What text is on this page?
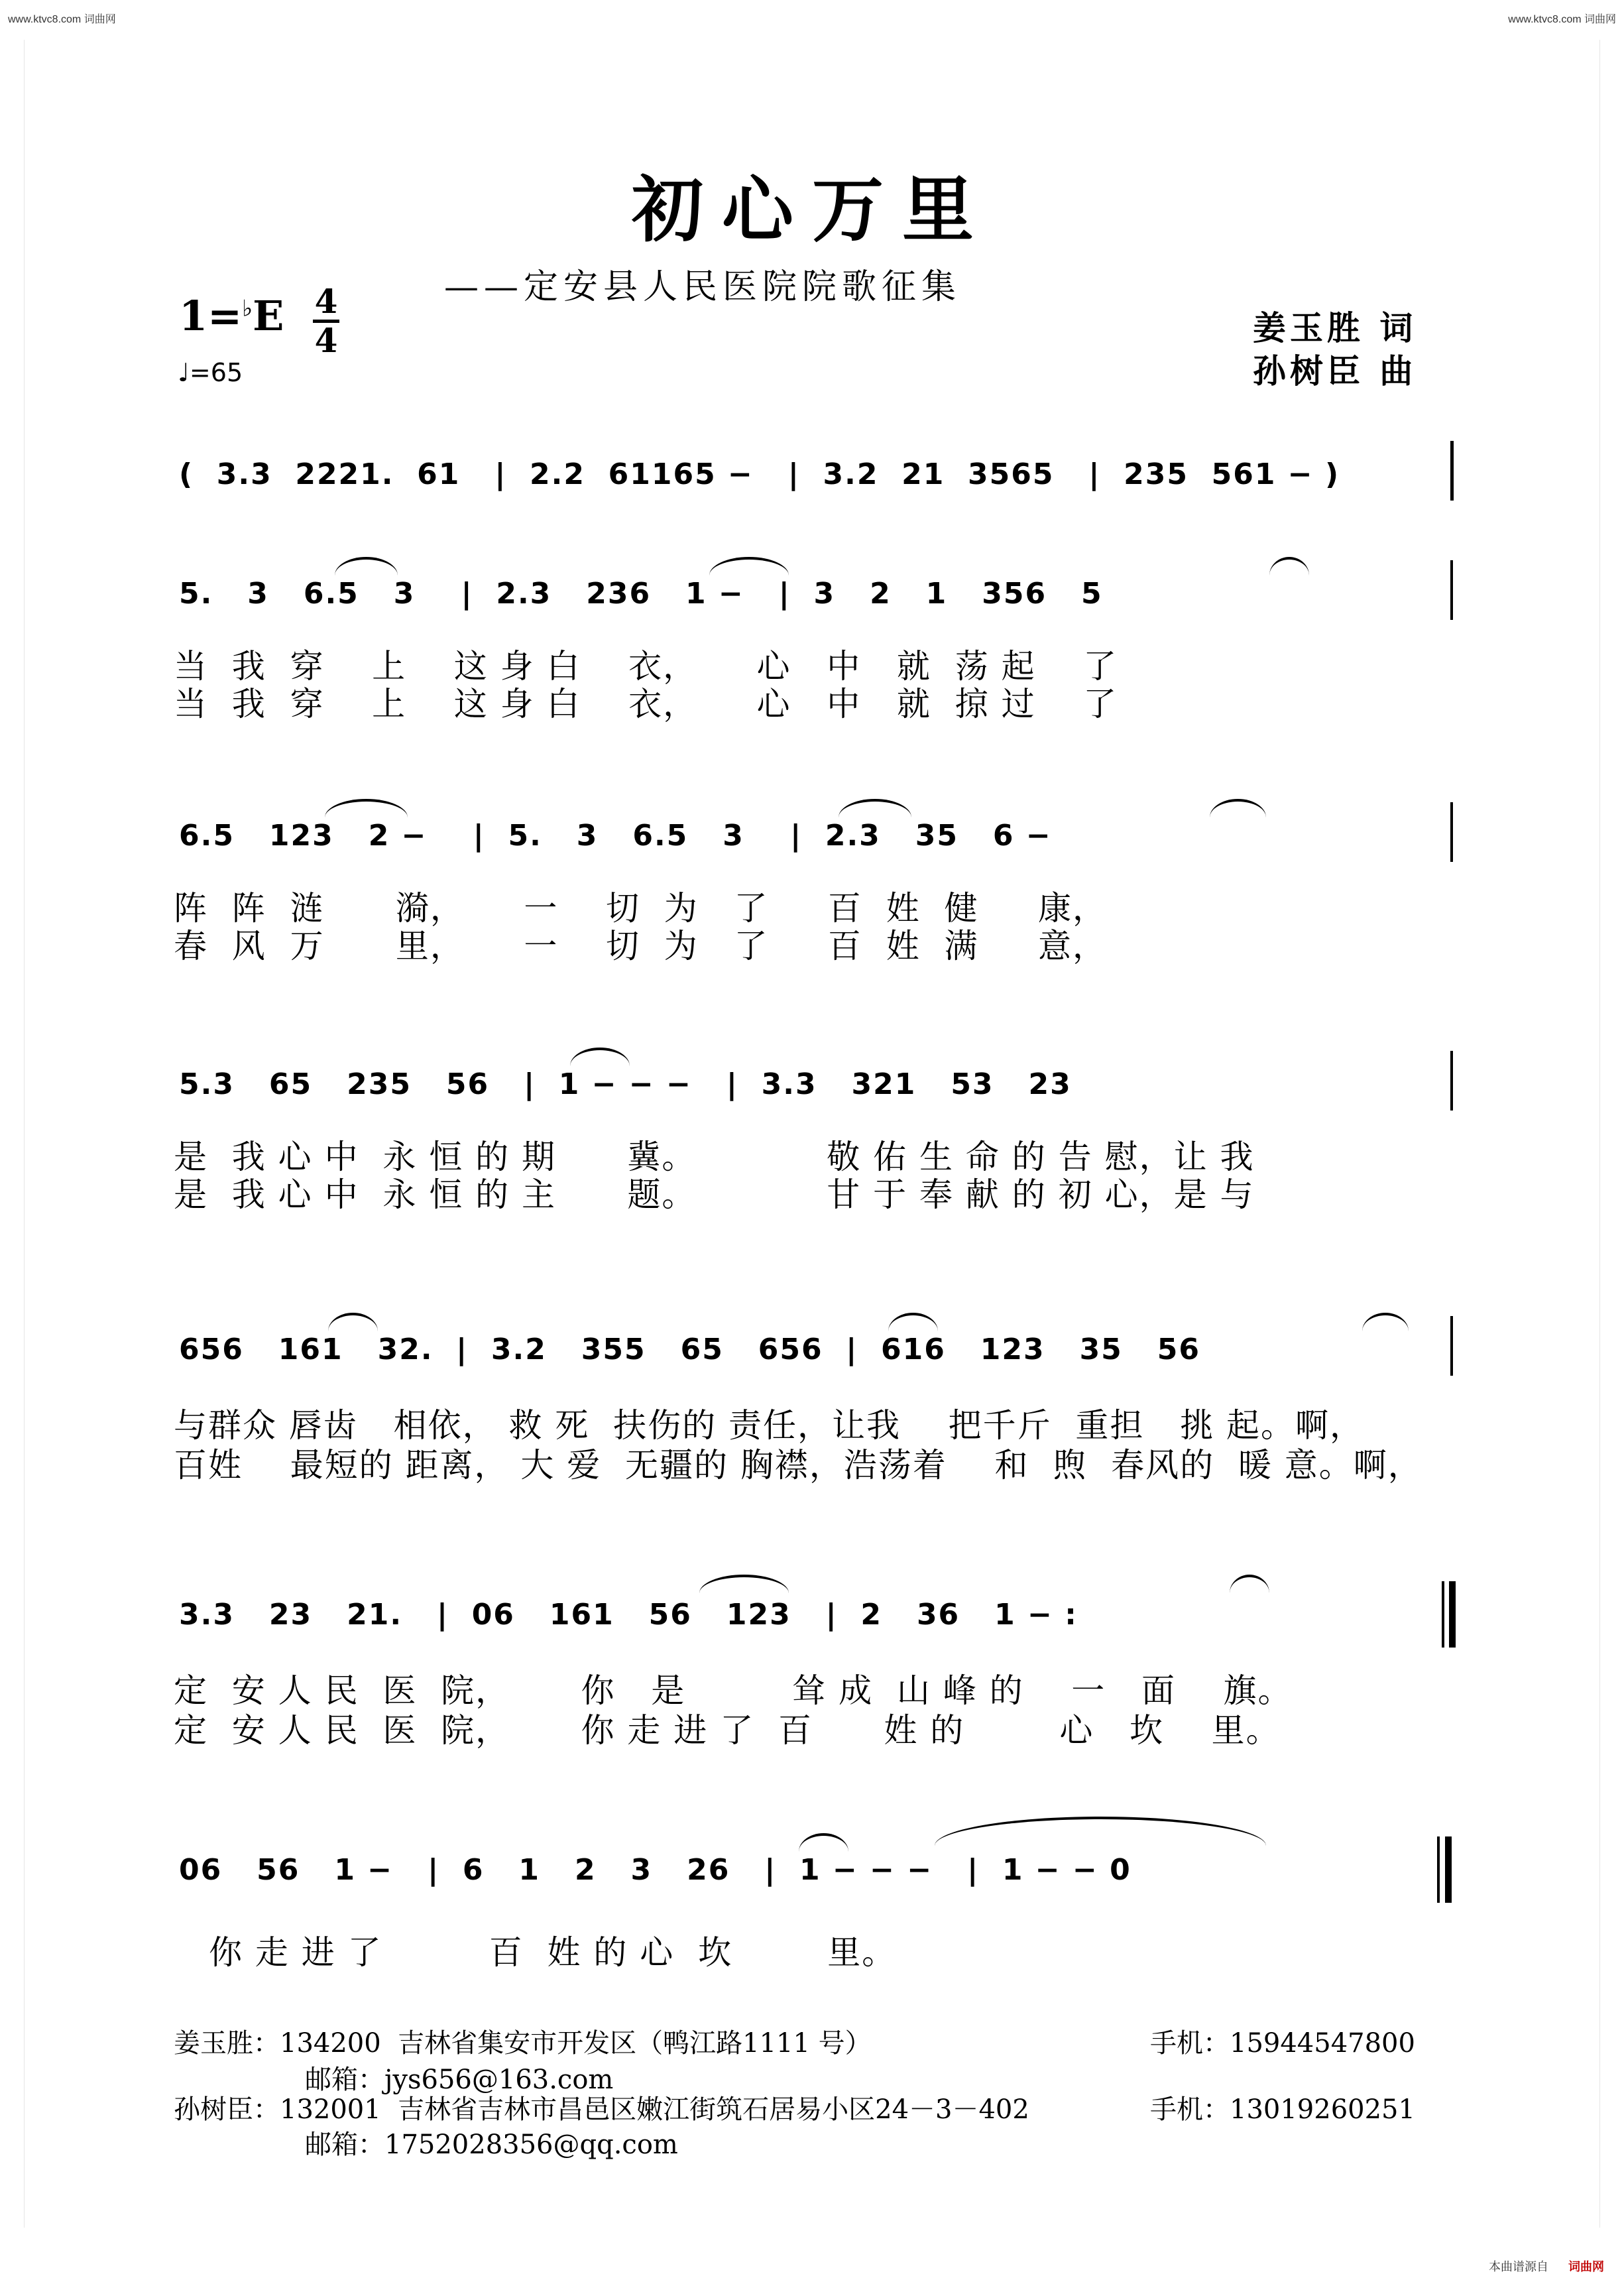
www.ktvc8.com 词曲网	www.ktvc8.com 词曲网
初心万里
——定安县人民医院院歌征集
1=♭E 4
4
♩=65
姜玉胜 词
孙树臣 曲
(  3.3  2221.  61   |  2.2  61165 −   |  3.2  21  3565   |  235  561 − )
5.   3   6.5   3    |  2.3   236   1 −   |  3   2   1   356   5
当  我  穿    上    这 身 白    衣，     心   中   就  荡 起    了
当  我  穿    上    这 身 白    衣，     心   中   就  掠 过    了
6.5   123   2 −    |  5.   3   6.5   3    |  2.3   35   6 −
阵  阵  涟      漪，     一    切  为   了     百  姓  健     康，
春  风  万      里，     一    切  为   了     百  姓  满     意，
5.3   65   235   56   |  1 − − −   |  3.3   321   53   23
是  我 心 中  永 恒 的 期      冀。           敬 佑 生 命 的 告 慰，让 我
是  我 心 中  永 恒 的 主      题。           甘 于 奉 献 的 初 心，是 与
656   161   32.  |  3.2   355   65   656  |  616   123   35   56
与群众 唇齿   相依， 救 死  扶伤的 责任，让我    把千斤  重担   挑 起。啊，
百姓    最短的 距离， 大 爱  无疆的 胸襟，浩荡着    和  煦  春风的  暖 意。啊，
3.3   23   21.   |  06   161   56   123   |  2   36   1 − :
定  安 人 民  医  院，      你   是         耸 成  山 峰 的    一   面    旗。
定  安 人 民  医  院，      你 走 进 了  百      姓 的        心   坎    里。
06   56   1 −   |  6   1   2   3   26   |  1 − − −   |  1 − − 0
你 走 进 了         百  姓 的 心  坎        里。
姜玉胜：134200  吉林省集安市开发区（鸭江路1111 号）	手机：15944547800
邮箱：jys656@163.com
孙树臣：132001  吉林省吉林市昌邑区嫩江街筑石居易小区24－3－402	手机：13019260251
邮箱：1752028356@qq.com
本曲谱源自 词曲网
